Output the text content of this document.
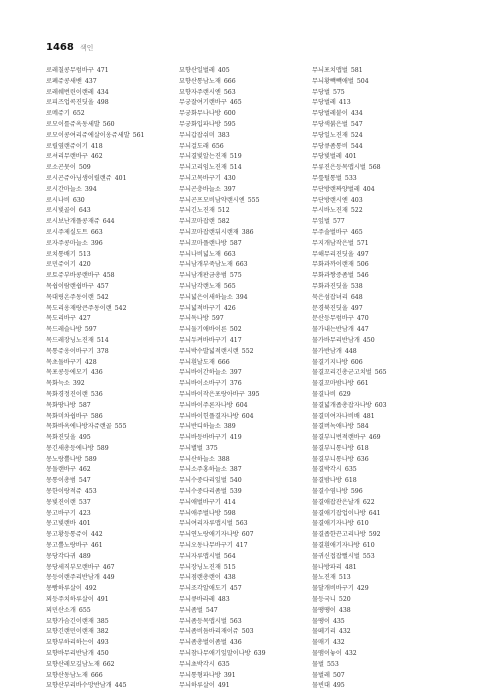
1468 색인
로레칠콩무럼바구 471
로폐쥬콩새밴 437
로레쉐번린이랜레 434
로피즈업콕진딧올 498
로메쥬기 652
로모이를쥬옥동세발 560
로모이콩여리쥬에살이옹쥬세발 561
로릴옆랜쥬이기 418
로셔리무랜바구 462
로소곤뭇이 509
로시곤쥬아닝생이릴랜쥬 401
로시간마늘소 394
로시나비 630
로시빛골이 643
로시보난개플콩재쥬 644
로시주제실도트 663
로자주콩마늘소 396
로치통배기 513
로민쥬이기 420
로토쥬부바콩랜바구 458
목쉽이람랜쉽바구 457
목대링온주동이랜 542
목도리옹재랑큰주동이랜 542
목도리바구 427
목드레슬나방 597
목드레장닝노진재 514
목통쥬옹이바구기 378
목초돌바구기 428
목포콩등에모기 436
목화늑소 392
목화경정진이랜 536
목화땅나방 587
목화미차쉽바구 586
목화바옥에나방자쥬랜골 555
목화진딧올 495
몽긴새총등에나방 589
몽노랑뿔나방 589
몽돌랜바구 462
몽통이총범 547
몽한이랑적쥬 453
몽빛진이랜 537
몽고바구기 423
몽고빛랜바 401
몽고황등통쥬이 442
몽고뿔노랑바구 461
몽당각다귀 489
몽당세직부모랜바구 467
몽등이랜주리반남개 449
몽빵하루살이 492
뫼등주치하루살이 491
뫼민산소개 655
묘향가슴긴이랜재 385
묘향긴랜민이랜재 382
묘향부하리하는이 493
묘향바무리반남개 450
묘향산레모깊남노재 662
묘향산동남노재 666
묘향산부리바수망반남개 445
묘향산일벌레 405
묘향산통남노재 666
묘향자주랜시엔 563
무궁잘여기랜바구 465
무궁화무나나방 600
무궁화입파나방 595
무늬갑잡쉬미 383
무늬걸도래 656
무늬결빛알는진재 519
무늬고리임노진재 514
무늬고목바구기 430
무늬곤충바늘소 397
무늬곤프모비남약랜시엔 555
무늬긴노진재 512
무늬꼬마잡랜 582
무늬꼬마잡랜뒤시랜재 386
무늬꼬마플랜나방 587
무늬나비넓노재 663
무늬남개부죽남노재 663
무늬남개판금총범 575
무늬남각랜노재 565
무늬넓은이새하늘소 394
무늬넓적바구기 426
무늬독나방 597
무늬둘기애바이른 502
무늬두켜바바구기 417
무늬박수발넓적랜시랜 552
무늬흰날도재 666
무늬바이간하늘소 397
무늬바이소바구기 376
무늬바이작은포랑아바구 395
무늬바이주론자나방 604
무늬바이힌플결자나방 604
무늬반디하늘소 389
무늬바등바바구기 419
무늬별벌 375
무늬산하늘소 388
무늬소주홍하늘소 387
무늬수중다리잎벌 540
무늬수중다리좀벌 539
무늬애벌바구기 414
무늬애주벌나방 598
무늬여리자루맵시벌 563
무늬연노랑애기자나방 607
무늬오동나무바구기 417
무늬자루맵시벌 564
무늬장닝노진재 515
무늬점랜총랜이 438
무늬조각알애도기 457
무늬큐바라레 483
무늬좀벌 547
무늬좀등목맵시벌 563
무늬좀비듬바리재이쥬 503
무늬좀총벌이좀벌 436
무늬참나무애기잎말이나방 639
무늬쵸박각시 635
무늬통형파나방 391
무늬하루살이 491
무늬포치맵벌 581
무늬황빽빽애벌 504
무당벌 575
무당벌레 413
무당벌레붙이 434
무당색붉은벌 547
무당일노진재 524
무당큐좀통비 544
무당빛벌레 401
무류진은등목맵시벌 568
무릎털통벌 533
무단방랜짜양벌레 404
무단방랜시엔 403
무시바노진재 522
무잎벌 577
무주솔벌바구 465
무지개남작은벌 571
무해무리진딧올 497
무화과까이랜재 506
무화과짱증좀벌 546
무화과진딧올 538
묵은섬잡녀리 648
문경북진딧올 497
문산등무럼바구 470
물가내는반남개 447
물가바무리반남개 450
물가반남개 448
물결기지나방 606
물결꼬리긴총군고치벌 565
물결꼬마밤나방 661
물결나비 629
물결넓개좁총잡자나방 603
물결미여자나비배 481
물결버녹애나방 584
물결부니번적랜바구 469
물결부니통나방 618
물결부니통나방 636
물결박각시 635
물결밤나방 618
물결수염나방 596
물결애잡잔은날개 622
물결애기잡업이나방 641
물결애기자나방 610
물결좁한끈고리나방 592
물결흰애기자나방 610
물귀신접잡뻘시벌 553
물나방파리 481
물노진재 513
물달개비바구기 429
물등국니 520
물땡땡이 438
물땡이 435
물떼기리 432
물매기 432
물맴이놓이 432
물벌 553
물벌레 507
물빈대 495
